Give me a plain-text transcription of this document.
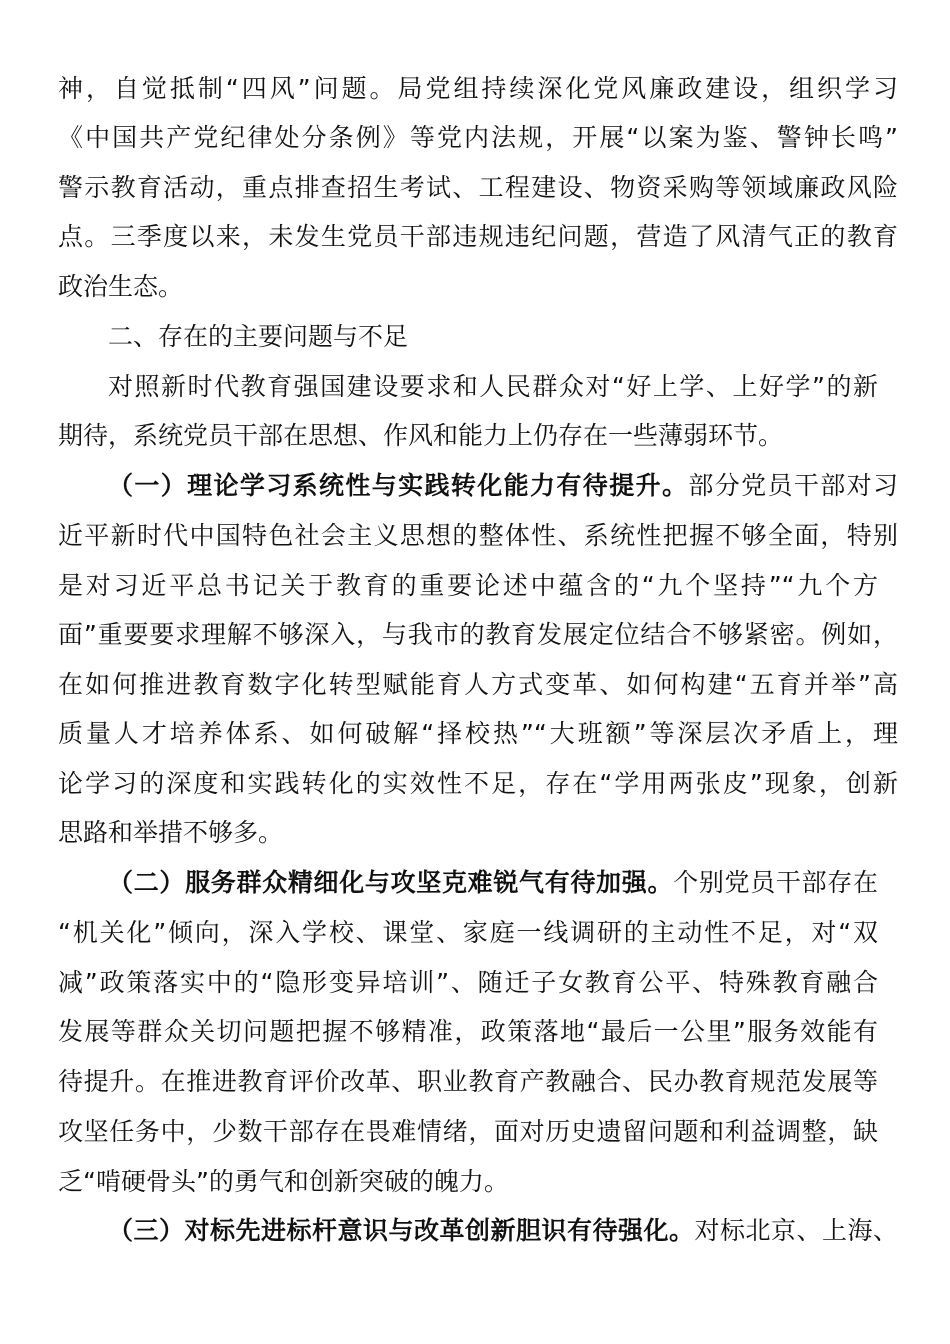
神，自觉抵制“四风”问题。局党组持续深化党风廉政建设，组织学习
《中国共产党纪律处分条例》等党内法规，开展“以案为鉴、警钟长鸣”
警示教育活动，重点排查招生考试、工程建设、物资采购等领域廉政风险
点。三季度以来，未发生党员干部违规违纪问题，营造了风清气正的教育
政治生态。
二、存在的主要问题与不足
对照新时代教育强国建设要求和人民群众对“好上学、上好学”的新
期待，系统党员干部在思想、作风和能力上仍存在一些薄弱环节。
（一）理论学习系统性与实践转化能力有待提升。部分党员干部对习
近平新时代中国特色社会主义思想的整体性、系统性把握不够全面，特别
是对习近平总书记关于教育的重要论述中蕴含的“九个坚持”“九个方
面”重要要求理解不够深入，与我市的教育发展定位结合不够紧密。例如，
在如何推进教育数字化转型赋能育人方式变革、如何构建“五育并举”高
质量人才培养体系、如何破解“择校热”“大班额”等深层次矛盾上，理
论学习的深度和实践转化的实效性不足，存在“学用两张皮”现象，创新
思路和举措不够多。
（二）服务群众精细化与攻坚克难锐气有待加强。个别党员干部存在
“机关化”倾向，深入学校、课堂、家庭一线调研的主动性不足，对“双
减”政策落实中的“隐形变异培训”、随迁子女教育公平、特殊教育融合
发展等群众关切问题把握不够精准，政策落地“最后一公里”服务效能有
待提升。在推进教育评价改革、职业教育产教融合、民办教育规范发展等
攻坚任务中，少数干部存在畏难情绪，面对历史遗留问题和利益调整，缺
乏“啃硬骨头”的勇气和创新突破的魄力。
（三）对标先进标杆意识与改革创新胆识有待强化。对标北京、上海、
